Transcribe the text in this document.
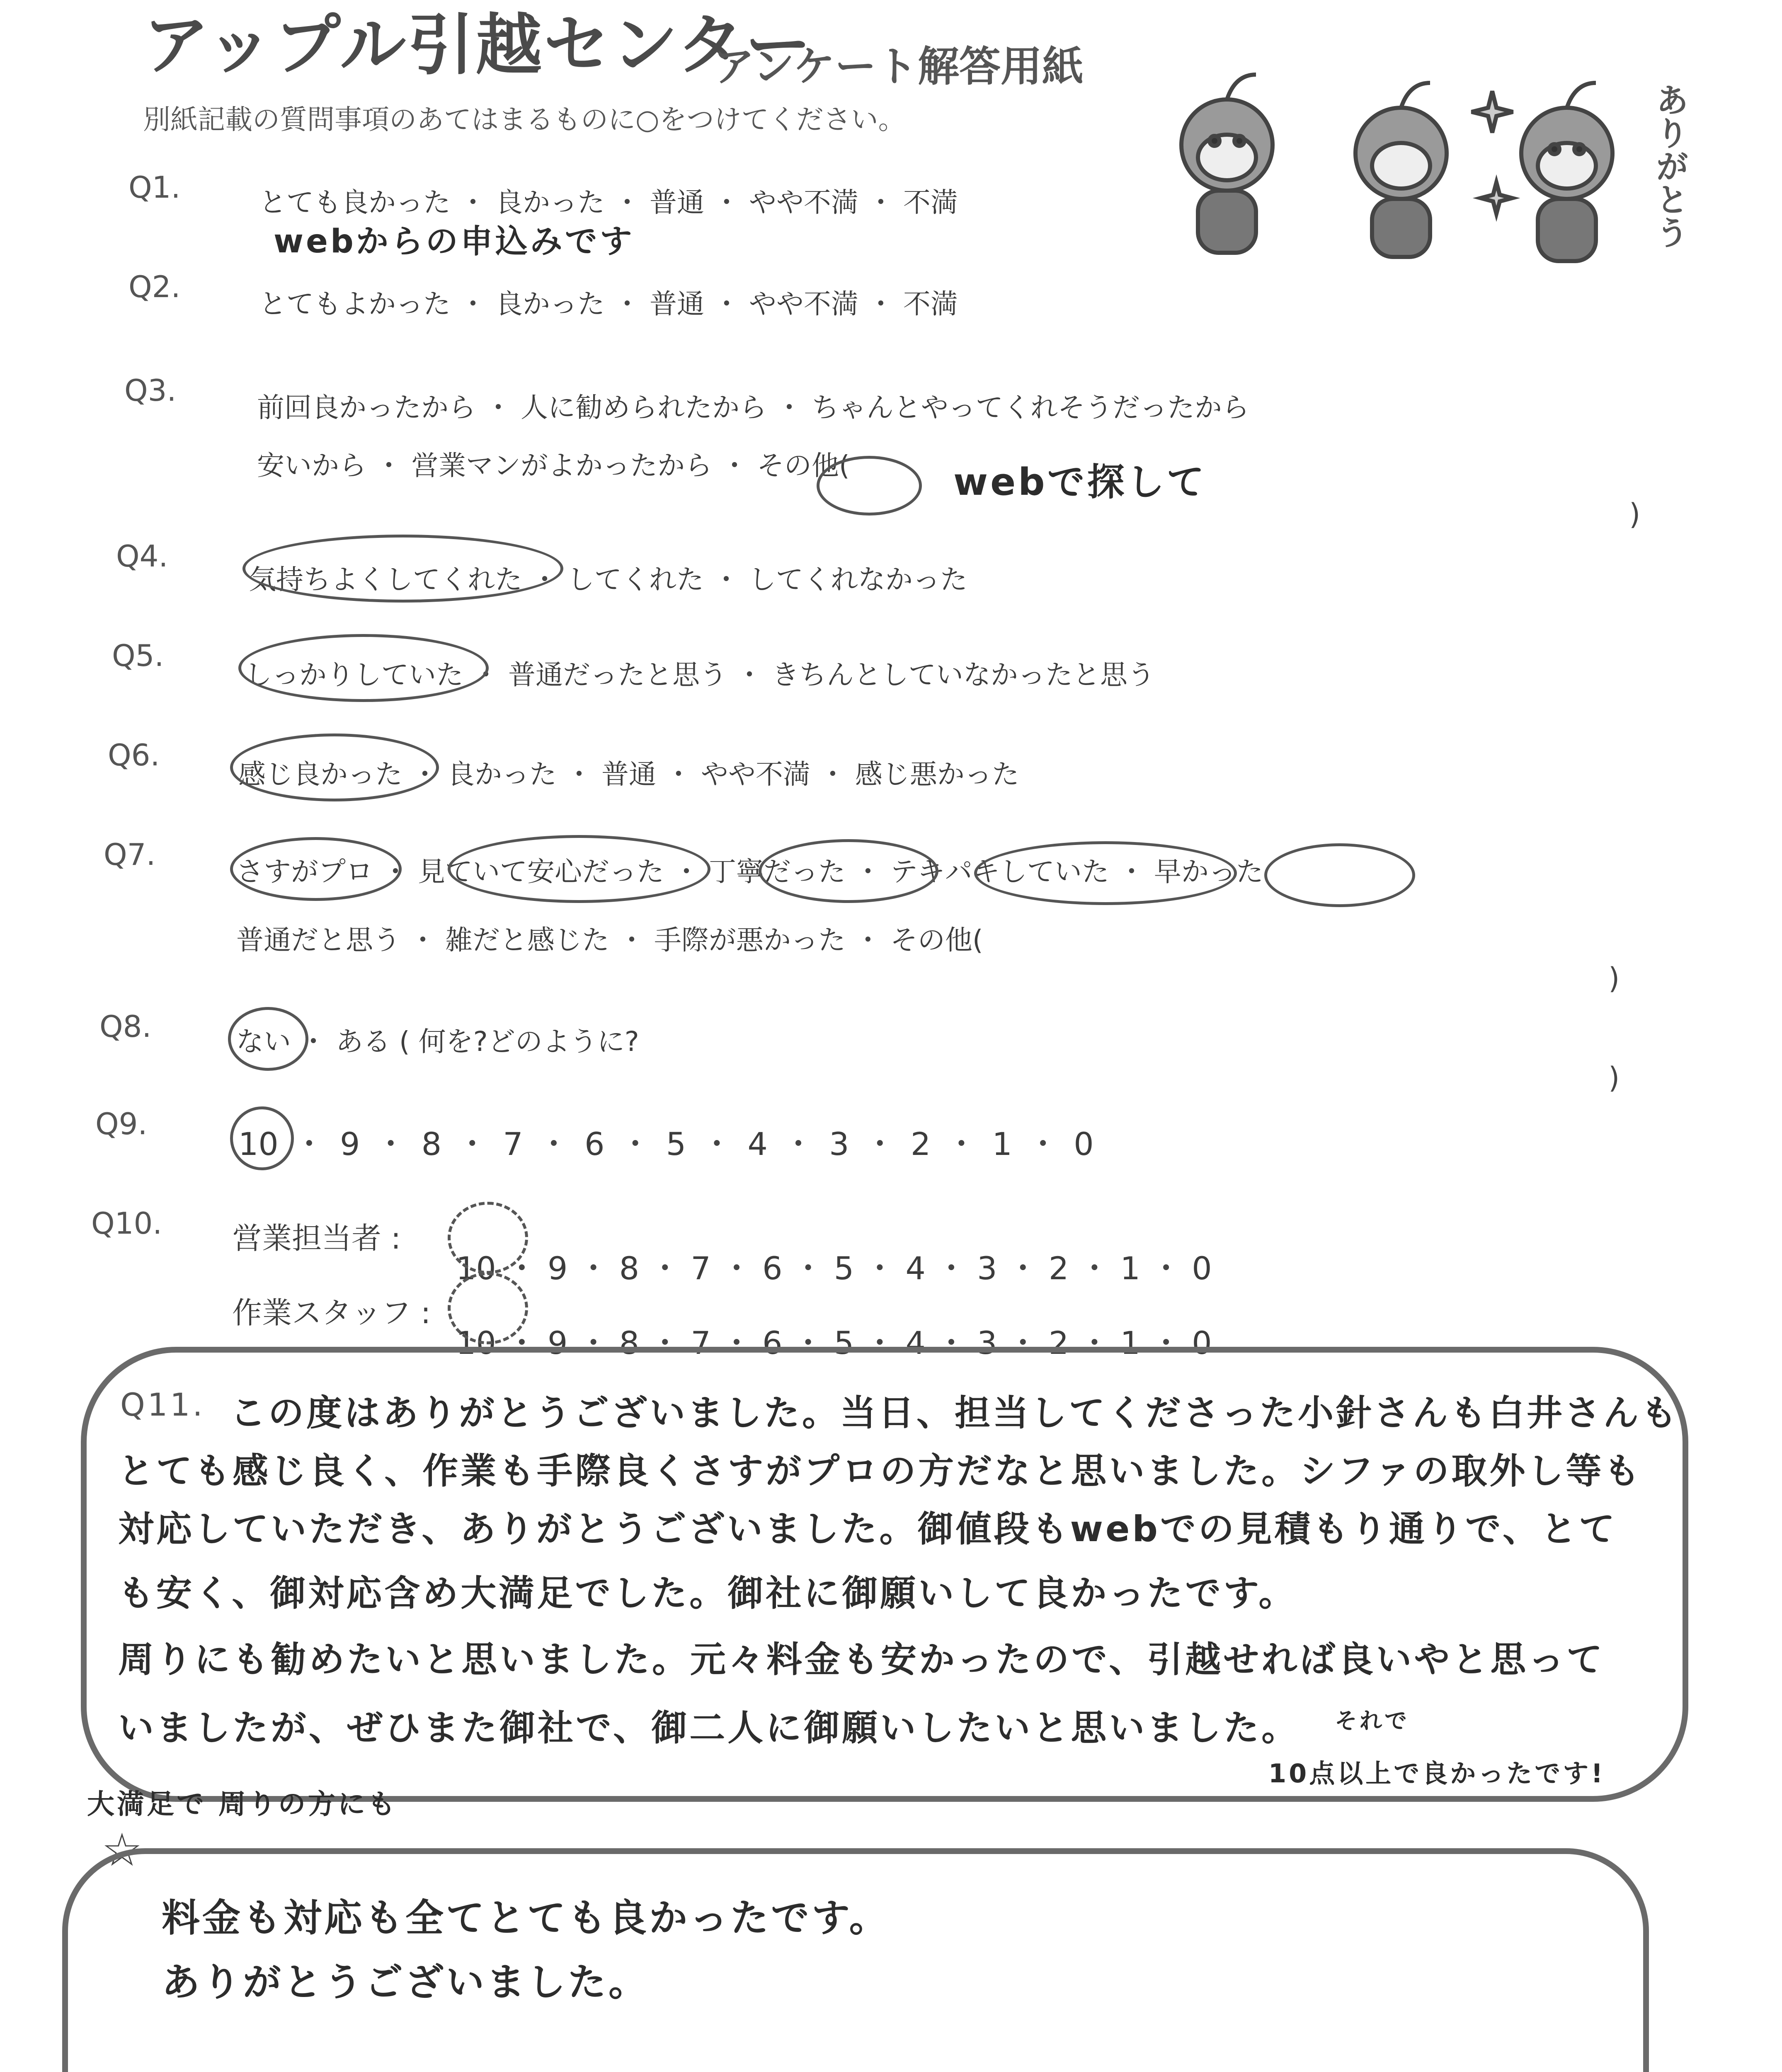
アップル引越センター
アンケート解答用紙
別紙記載の質問事項のあてはまるものに○をつけてください。	ありがとう
Q1.	とても良かった ・ 良かった ・ 普通 ・ やや不満 ・ 不満
webからの申込みです
Q2.	とてもよかった ・ 良かった ・ 普通 ・ やや不満 ・ 不満
Q3.	前回良かったから ・ 人に勧められたから ・ ちゃんとやってくれそうだったから
安いから ・ 営業マンがよかったから ・ その他(	webで探して
)
Q4.
気持ちよくしてくれた ・ してくれた ・ してくれなかった
Q5.
しっかりしていた ・ 普通だったと思う ・ きちんとしていなかったと思う
Q6.
感じ良かった ・ 良かった ・ 普通 ・ やや不満 ・ 感じ悪かった
Q7.	さすがプロ ・ 見ていて安心だった ・ 丁寧だった ・ テキパキしていた ・ 早かった
普通だと思う ・ 雑だと感じた ・ 手際が悪かった ・ その他(
)
Q8.	ない ・ ある ( 何を?どのように?
)
Q9.
10 ・ 9 ・ 8 ・ 7 ・ 6 ・ 5 ・ 4 ・ 3 ・ 2 ・ 1 ・ 0
Q10. 営業担当者 :
10 ・ 9 ・ 8 ・ 7 ・ 6 ・ 5 ・ 4 ・ 3 ・ 2 ・ 1 ・ 0
作業スタッフ :
10 ・ 9 ・ 8 ・ 7 ・ 6 ・ 5 ・ 4 ・ 3 ・ 2 ・ 1 ・ 0
Q11. この度はありがとうございました。当日、担当してくださった小針さんも白井さんも
とても感じ良く、作業も手際良くさすがプロの方だなと思いました。シファの取外し等も
対応していただき、ありがとうございました。御値段もwebでの見積もり通りで、とて
も安く、御対応含め大満足でした。御社に御願いして良かったです。
周りにも勧めたいと思いました。元々料金も安かったので、引越せれば良いやと思って
いましたが、ぜひまた御社で、御二人に御願いしたいと思いました。 それで
10点以上で良かったです!
大満足で 周りの方にも
☆
料金も対応も全てとても良かったです。
ありがとうございました。
